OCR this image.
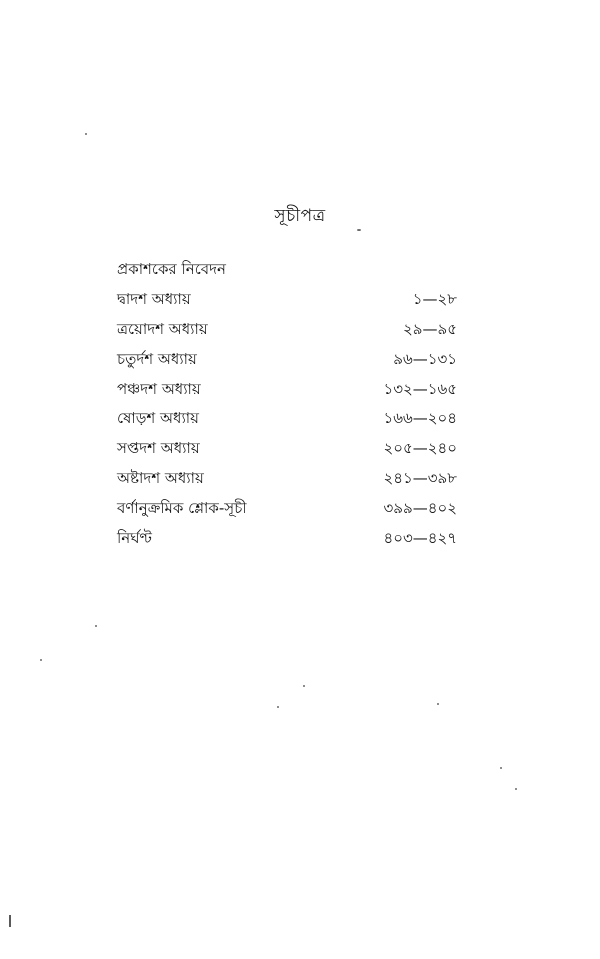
সূচীপত্র
প্রকাশকের নিবেদন
দ্বাদশ অধ্যায়	১—২৮
ত্রয়োদশ অধ্যায়	২৯—৯৫
চতুর্দশ অধ্যায়	৯৬—১৩১
পঞ্চদশ অধ্যায়	১৩২—১৬৫
ষোড়শ অধ্যায়	১৬৬—২০৪
সপ্তদশ অধ্যায়	২০৫—২৪০
অষ্টাদশ অধ্যায়	২৪১—৩৯৮
বর্ণানুক্রমিক শ্লোক-সূচী	৩৯৯—৪০২
নির্ঘণ্ট	৪০৩—৪২৭
